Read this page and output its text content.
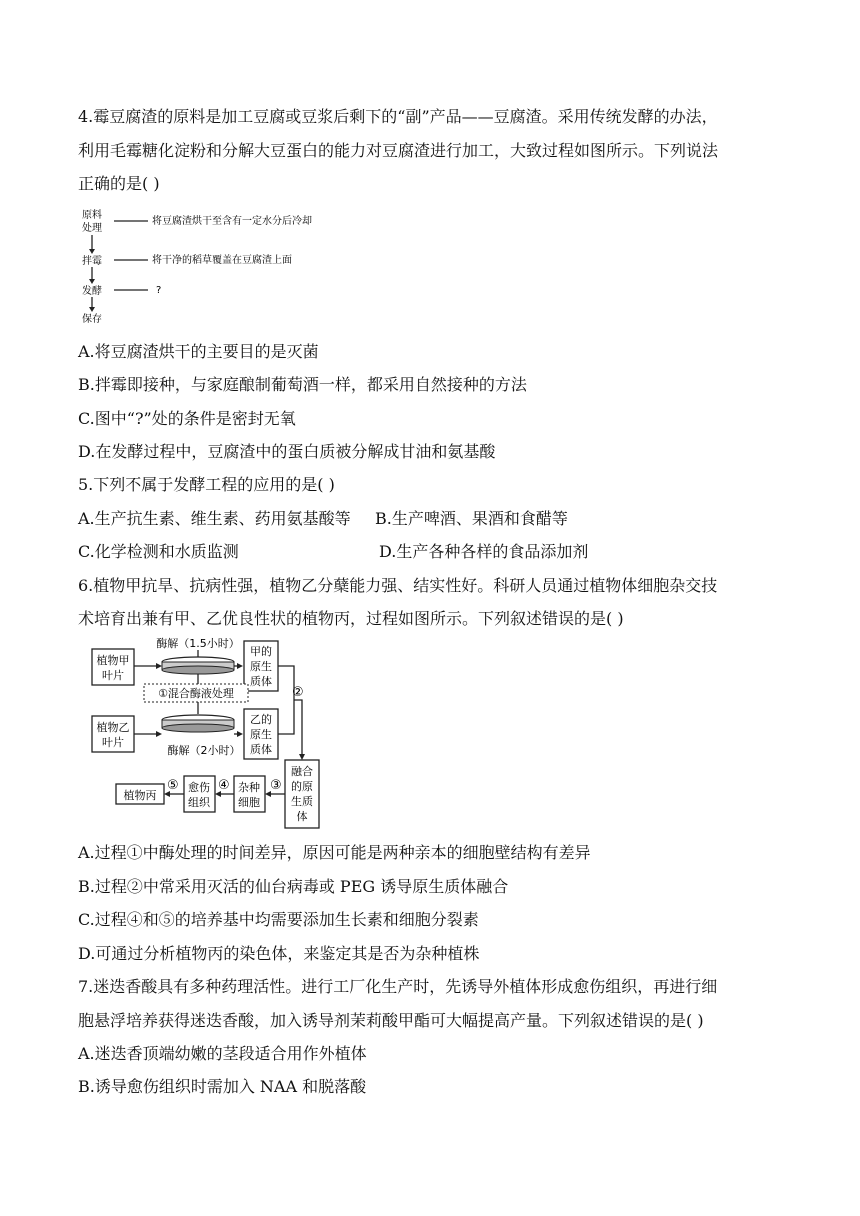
4.霉豆腐渣的原料是加工豆腐或豆浆后剩下的“副”产品——豆腐渣。采用传统发酵的办法，
利用毛霉糖化淀粉和分解大豆蛋白的能力对豆腐渣进行加工，大致过程如图所示。下列说法
正确的是( )
原料
处理
拌霉
发酵
保存
将豆腐渣烘干至含有一定水分后冷却
将干净的稻草覆盖在豆腐渣上面
?
A.将豆腐渣烘干的主要目的是灭菌
B.拌霉即接种，与家庭酿制葡萄酒一样，都采用自然接种的方法
C.图中“?”处的条件是密封无氧
D.在发酵过程中，豆腐渣中的蛋白质被分解成甘油和氨基酸
5.下列不属于发酵工程的应用的是( )
A.生产抗生素、维生素、药用氨基酸等 B.生产啤酒、果酒和食醋等
C.化学检测和水质监测	D.生产各种各样的食品添加剂
6.植物甲抗旱、抗病性强，植物乙分蘖能力强、结实性好。科研人员通过植物体细胞杂交技
术培育出兼有甲、乙优良性状的植物丙，过程如图所示。下列叙述错误的是( )
植物甲
叶片
酶解（1.5小时）
甲的
原生
质体
①混合酶液处理
植物乙
叶片
酶解（2小时）
乙的
原生
质体
②
融合
的原
生质
体
③
杂种
细胞
④
愈伤
组织
⑤
植物丙
A.过程①中酶处理的时间差异，原因可能是两种亲本的细胞壁结构有差异
B.过程②中常采用灭活的仙台病毒或 PEG 诱导原生质体融合
C.过程④和⑤的培养基中均需要添加生长素和细胞分裂素
D.可通过分析植物丙的染色体，来鉴定其是否为杂种植株
7.迷迭香酸具有多种药理活性。进行工厂化生产时，先诱导外植体形成愈伤组织，再进行细
胞悬浮培养获得迷迭香酸，加入诱导剂茉莉酸甲酯可大幅提高产量。下列叙述错误的是( )
A.迷迭香顶端幼嫩的茎段适合用作外植体
B.诱导愈伤组织时需加入 NAA 和脱落酸
